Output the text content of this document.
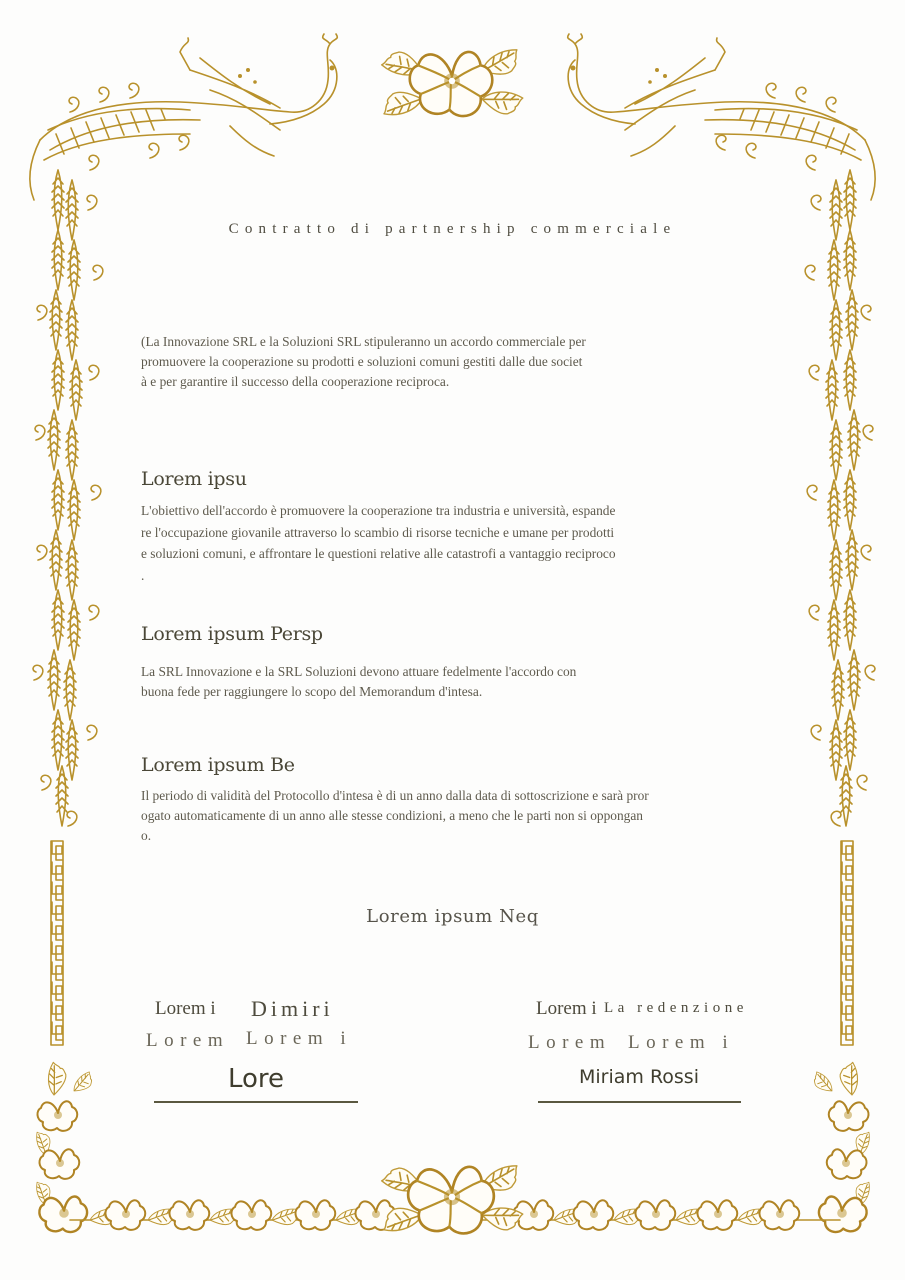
Contratto di partnership commerciale
(La Innovazione SRL e la Soluzioni SRL stipuleranno un accordo commerciale per
promuovere la cooperazione su prodotti e soluzioni comuni gestiti dalle due societ
à e per garantire il successo della cooperazione reciproca.
Lorem ipsu
L'obiettivo dell'accordo è promuovere la cooperazione tra industria e università, espande
re l'occupazione giovanile attraverso lo scambio di risorse tecniche e umane per prodotti
e soluzioni comuni, e affrontare le questioni relative alle catastrofi a vantaggio reciproco
.
Lorem ipsum Persp
La SRL Innovazione e la SRL Soluzioni devono attuare fedelmente l'accordo con
buona fede per raggiungere lo scopo del Memorandum d'intesa.
Lorem ipsum Be
Il periodo di validità del Protocollo d'intesa è di un anno dalla data di sottoscrizione e sarà pror
ogato automaticamente di un anno alle stesse condizioni, a meno che le parti non si oppongan
o.
Lorem ipsum Neq
Lorem i Dimiri
Lorem Lorem i
Lore
Lorem i La redenzione
Lorem Lorem i
Miriam Rossi
